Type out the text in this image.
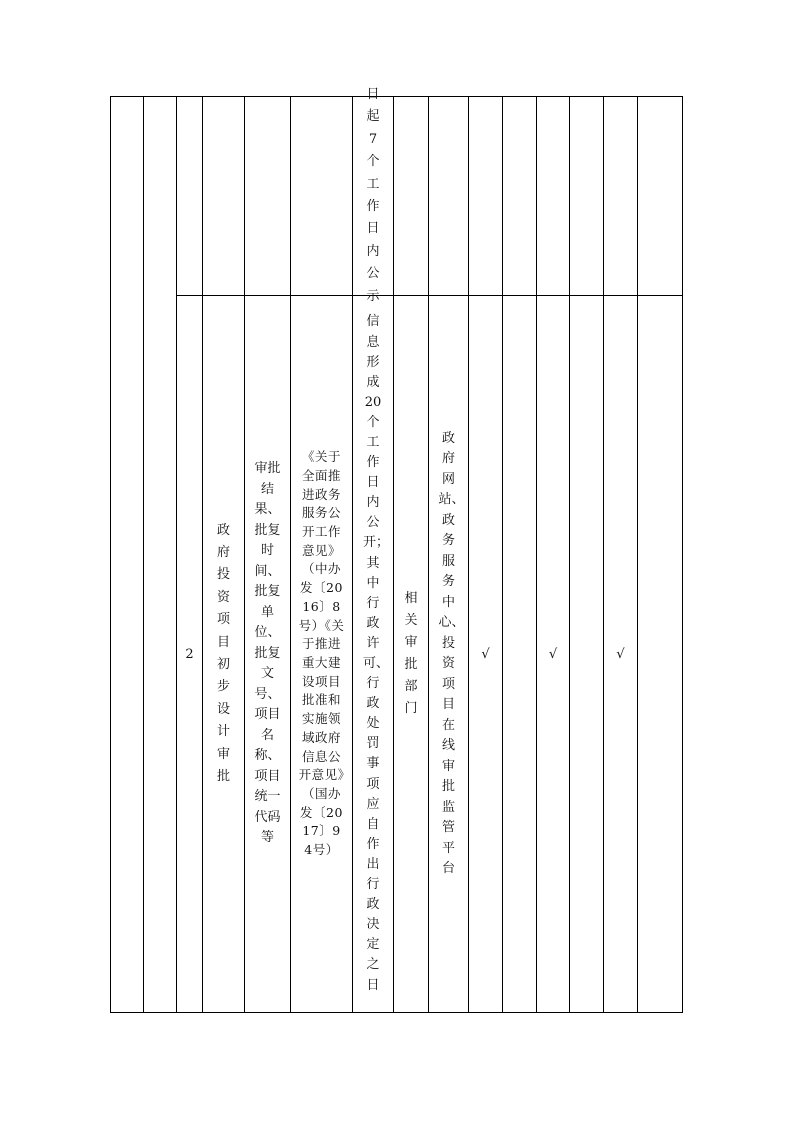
日起7个工作日内公示
2
政府投资项目初步设计审批
审批结果、批复时间、批复单位、批复文号、项目名称、项目统一代码等
《关于全面推进政务服务公开工作意见》（中办发〔2016〕8号）《关于推进重大建设项目批准和实施领域政府信息公开意见》（国办发〔2017〕94号）
信息形成20个工作日内公开；其中行政许可、行政处罚事项应自作出行政决定之日
相关审批部门
政府网站、政务服务中心、投资项目在线审批监管平台
√	√	√
